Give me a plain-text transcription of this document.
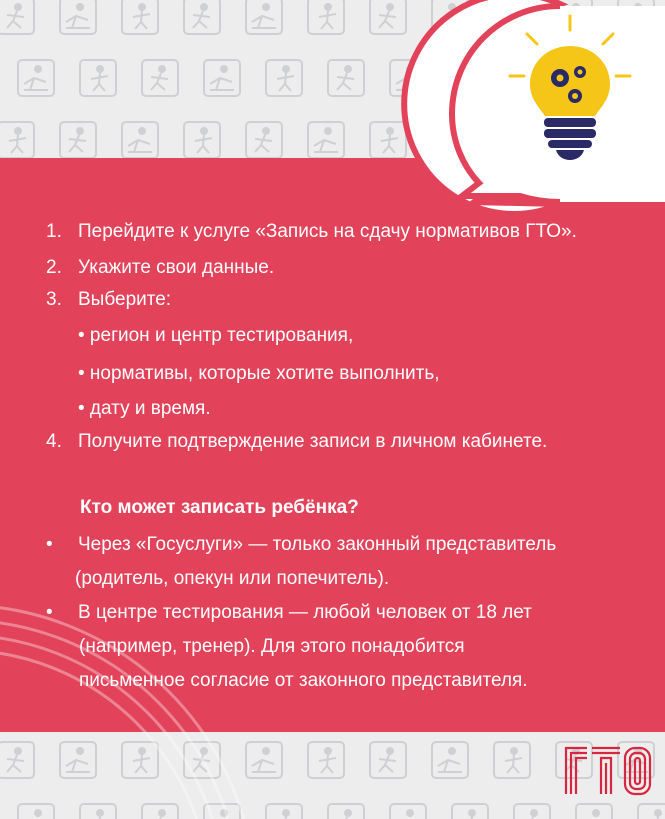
1. Перейдите к услуге «Запись на сдачу нормативов ГТО».
2. Укажите свои данные.
3. Выберите:
• регион и центр тестирования,
• нормативы, которые хотите выполнить,
• дату и время.
4. Получите подтверждение записи в личном кабинете.
Кто может записать ребёнка?
• Через «Госуслуги» — только законный представитель
(родитель, опекун или попечитель).
• В центре тестирования — любой человек от 18 лет
(например, тренер). Для этого понадобится
письменное согласие от законного представителя.
